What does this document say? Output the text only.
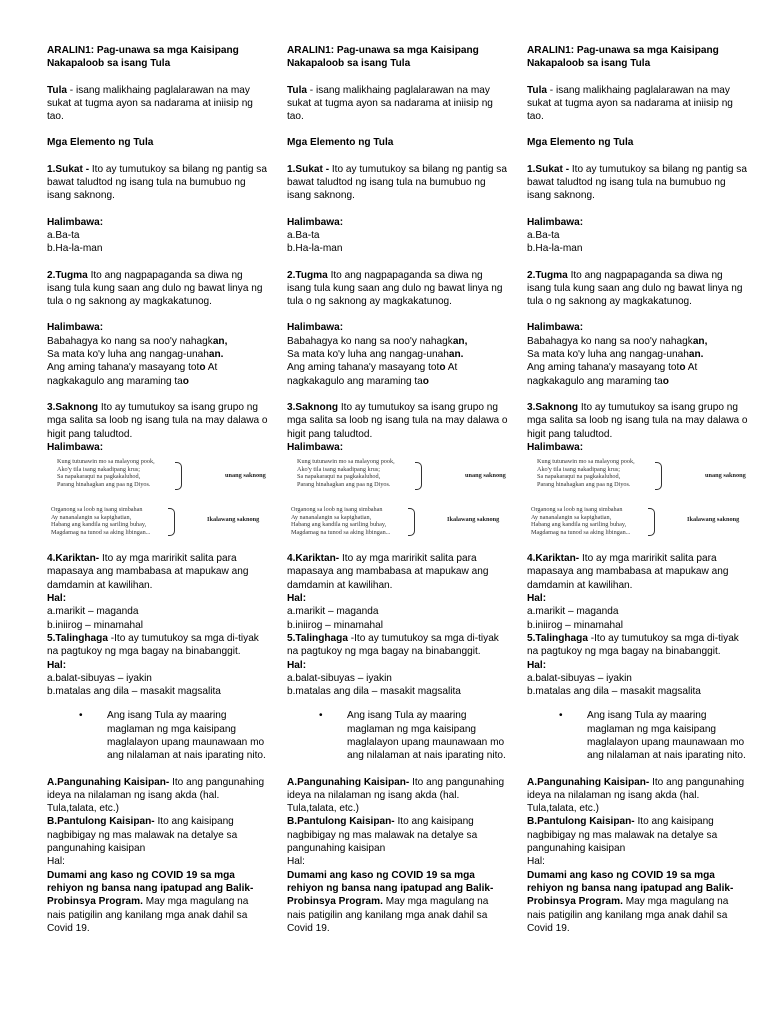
ARALIN1: Pag-unawa sa mga Kaisipang
Nakapaloob sa isang Tula

Tula - isang malikhaing paglalarawan na may sukat at tugma ayon sa nadarama at iniisip ng tao.

Mga Elemento ng Tula

1.Sukat - Ito ay tumutukoy sa bilang ng pantig sa bawat taludtod ng isang tula na bumubuo ng isang saknong.

Halimbawa:
a.Ba-ta
b.Ha-la-man

2.Tugma Ito ang nagpapaganda sa diwa ng isang tula kung saan ang dulo ng bawat linya ng tula o ng saknong ay magkakatunog.

Halimbawa:
Babahagya ko nang sa noo'y nahagkan,
Sa mata ko'y luha ang nangag-unahan.
Ang aming tahana'y masayang toto At
nagkakagulo ang maraming tao

3.Saknong Ito ay tumutukoy sa isang grupo ng mga salita sa loob ng isang tula na may dalawa o higit pang taludtod.
Halimbawa:

Kung tutunawin mo sa malayong pook,
Ako'y tila isang nakadipang krus;
Sa napakaraqui na pagkakaluhod,
Parang hinahagkan ang paa ng Diyos.
unang saknong
Organong sa loob ng isang simbahan
Ay nananalangin sa kapighatian,
Habang ang kandila ng sariling buhay,
Magdamag na tunod sa aking libingan...
Ikalawang saknong

4.Kariktan- Ito ay mga maririkit salita para mapasaya ang mambabasa at mapukaw ang damdamin at kawilihan.
Hal:
a.marikit – maganda
b.iniirog – minamahal
5.Talinghaga -Ito ay tumutukoy sa mga di-tiyak na pagtukoy ng mga bagay na binabanggit.
Hal:
a.balat-sibuyas – iyakin
b.matalas ang dila – masakit magsalita

• Ang isang Tula ay maaring maglaman ng mga kaisipang maglalayon upang maunawaan mo ang nilalaman at nais iparating nito.

A.Pangunahing Kaisipan- Ito ang pangunahing ideya na nilalaman ng isang akda (hal. Tula,talata, etc.)
B.Pantulong Kaisipan- Ito ang kaisipang nagbibigay ng mas malawak na detalye sa pangunahing kaisipan
Hal:
Dumami ang kaso ng COVID 19 sa mga rehiyon ng bansa nang ipatupad ang Balik-Probinsya Program. May mga magulang na nais patigilin ang kanilang mga anak dahil sa Covid 19.

ARALIN1: Pag-unawa sa mga Kaisipang
Nakapaloob sa isang Tula

Tula - isang malikhaing paglalarawan na may sukat at tugma ayon sa nadarama at iniisip ng tao.

Mga Elemento ng Tula

1.Sukat - Ito ay tumutukoy sa bilang ng pantig sa bawat taludtod ng isang tula na bumubuo ng isang saknong.

Halimbawa:
a.Ba-ta
b.Ha-la-man

2.Tugma Ito ang nagpapaganda sa diwa ng isang tula kung saan ang dulo ng bawat linya ng tula o ng saknong ay magkakatunog.

Halimbawa:
Babahagya ko nang sa noo'y nahagkan,
Sa mata ko'y luha ang nangag-unahan.
Ang aming tahana'y masayang toto At
nagkakagulo ang maraming tao

3.Saknong Ito ay tumutukoy sa isang grupo ng mga salita sa loob ng isang tula na may dalawa o higit pang taludtod.
Halimbawa:

Kung tutunawin mo sa malayong pook,
Ako'y tila isang nakadipang krus;
Sa napakaraqui na pagkakaluhod,
Parang hinahagkan ang paa ng Diyos.
unang saknong
Organong sa loob ng isang simbahan
Ay nananalangin sa kapighatian,
Habang ang kandila ng sariling buhay,
Magdamag na tunod sa aking libingan...
Ikalawang saknong

4.Kariktan- Ito ay mga maririkit salita para mapasaya ang mambabasa at mapukaw ang damdamin at kawilihan.
Hal:
a.marikit – maganda
b.iniirog – minamahal
5.Talinghaga -Ito ay tumutukoy sa mga di-tiyak na pagtukoy ng mga bagay na binabanggit.
Hal:
a.balat-sibuyas – iyakin
b.matalas ang dila – masakit magsalita

• Ang isang Tula ay maaring maglaman ng mga kaisipang maglalayon upang maunawaan mo ang nilalaman at nais iparating nito.

A.Pangunahing Kaisipan- Ito ang pangunahing ideya na nilalaman ng isang akda (hal. Tula,talata, etc.)
B.Pantulong Kaisipan- Ito ang kaisipang nagbibigay ng mas malawak na detalye sa pangunahing kaisipan
Hal:
Dumami ang kaso ng COVID 19 sa mga rehiyon ng bansa nang ipatupad ang Balik-Probinsya Program. May mga magulang na nais patigilin ang kanilang mga anak dahil sa Covid 19.

ARALIN1: Pag-unawa sa mga Kaisipang
Nakapaloob sa isang Tula

Tula - isang malikhaing paglalarawan na may sukat at tugma ayon sa nadarama at iniisip ng tao.

Mga Elemento ng Tula

1.Sukat - Ito ay tumutukoy sa bilang ng pantig sa bawat taludtod ng isang tula na bumubuo ng isang saknong.

Halimbawa:
a.Ba-ta
b.Ha-la-man

2.Tugma Ito ang nagpapaganda sa diwa ng isang tula kung saan ang dulo ng bawat linya ng tula o ng saknong ay magkakatunog.

Halimbawa:
Babahagya ko nang sa noo'y nahagkan,
Sa mata ko'y luha ang nangag-unahan.
Ang aming tahana'y masayang toto At
nagkakagulo ang maraming tao

3.Saknong Ito ay tumutukoy sa isang grupo ng mga salita sa loob ng isang tula na may dalawa o higit pang taludtod.
Halimbawa:

Kung tutunawin mo sa malayong pook,
Ako'y tila isang nakadipang krus;
Sa napakaraqui na pagkakaluhod,
Parang hinahagkan ang paa ng Diyos.
unang saknong
Organong sa loob ng isang simbahan
Ay nananalangin sa kapighatian,
Habang ang kandila ng sariling buhay,
Magdamag na tunod sa aking libingan...
Ikalawang saknong

4.Kariktan- Ito ay mga maririkit salita para mapasaya ang mambabasa at mapukaw ang damdamin at kawilihan.
Hal:
a.marikit – maganda
b.iniirog – minamahal
5.Talinghaga -Ito ay tumutukoy sa mga di-tiyak na pagtukoy ng mga bagay na binabanggit.
Hal:
a.balat-sibuyas – iyakin
b.matalas ang dila – masakit magsalita

• Ang isang Tula ay maaring maglaman ng mga kaisipang maglalayon upang maunawaan mo ang nilalaman at nais iparating nito.

A.Pangunahing Kaisipan- Ito ang pangunahing ideya na nilalaman ng isang akda (hal. Tula,talata, etc.)
B.Pantulong Kaisipan- Ito ang kaisipang nagbibigay ng mas malawak na detalye sa pangunahing kaisipan
Hal:
Dumami ang kaso ng COVID 19 sa mga rehiyon ng bansa nang ipatupad ang Balik-Probinsya Program. May mga magulang na nais patigilin ang kanilang mga anak dahil sa Covid 19.
